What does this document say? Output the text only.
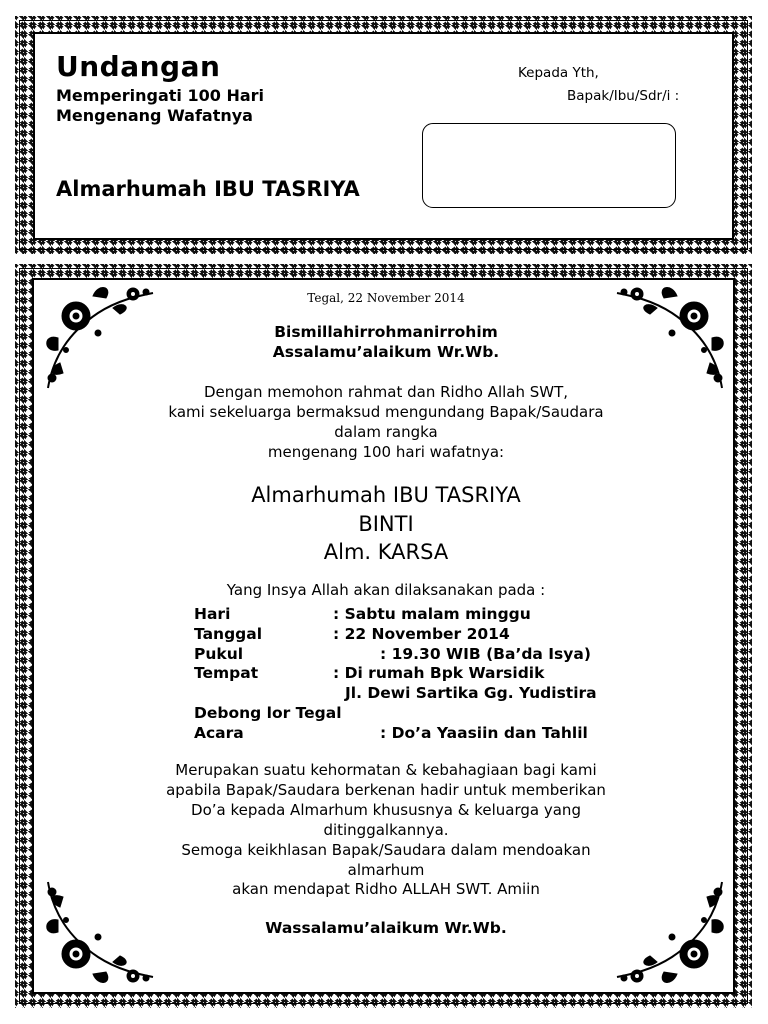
Undangan
Memperingati 100 Hari
Mengenang Wafatnya
Almarhumah IBU TASRIYA
Kepada Yth,
Bapak/Ibu/Sdr/i :
Tegal, 22 November 2014
Bismillahirrohmanirrohim
Assalamu’alaikum Wr.Wb.
Dengan memohon rahmat dan Ridho Allah SWT,
kami sekeluarga bermaksud mengundang Bapak/Saudara
dalam rangka
mengenang 100 hari wafatnya:
Almarhumah IBU TASRIYA
BINTI
Alm. KARSA
Yang Insya Allah akan dilaksanakan pada :
Hari	: Sabtu malam minggu
Tanggal	: 22 November 2014
Pukul	: 19.30 WIB (Ba’da Isya)
Tempat	: Di rumah Bpk Warsidik
Jl. Dewi Sartika Gg. Yudistira
Debong lor Tegal
Acara	: Do’a Yaasiin dan Tahlil
Merupakan suatu kehormatan & kebahagiaan bagi kami
apabila Bapak/Saudara berkenan hadir untuk memberikan
Do’a kepada Almarhum khususnya & keluarga yang
ditinggalkannya.
Semoga keikhlasan Bapak/Saudara dalam mendoakan
almarhum
akan mendapat Ridho ALLAH SWT. Amiin
Wassalamu’alaikum Wr.Wb.
